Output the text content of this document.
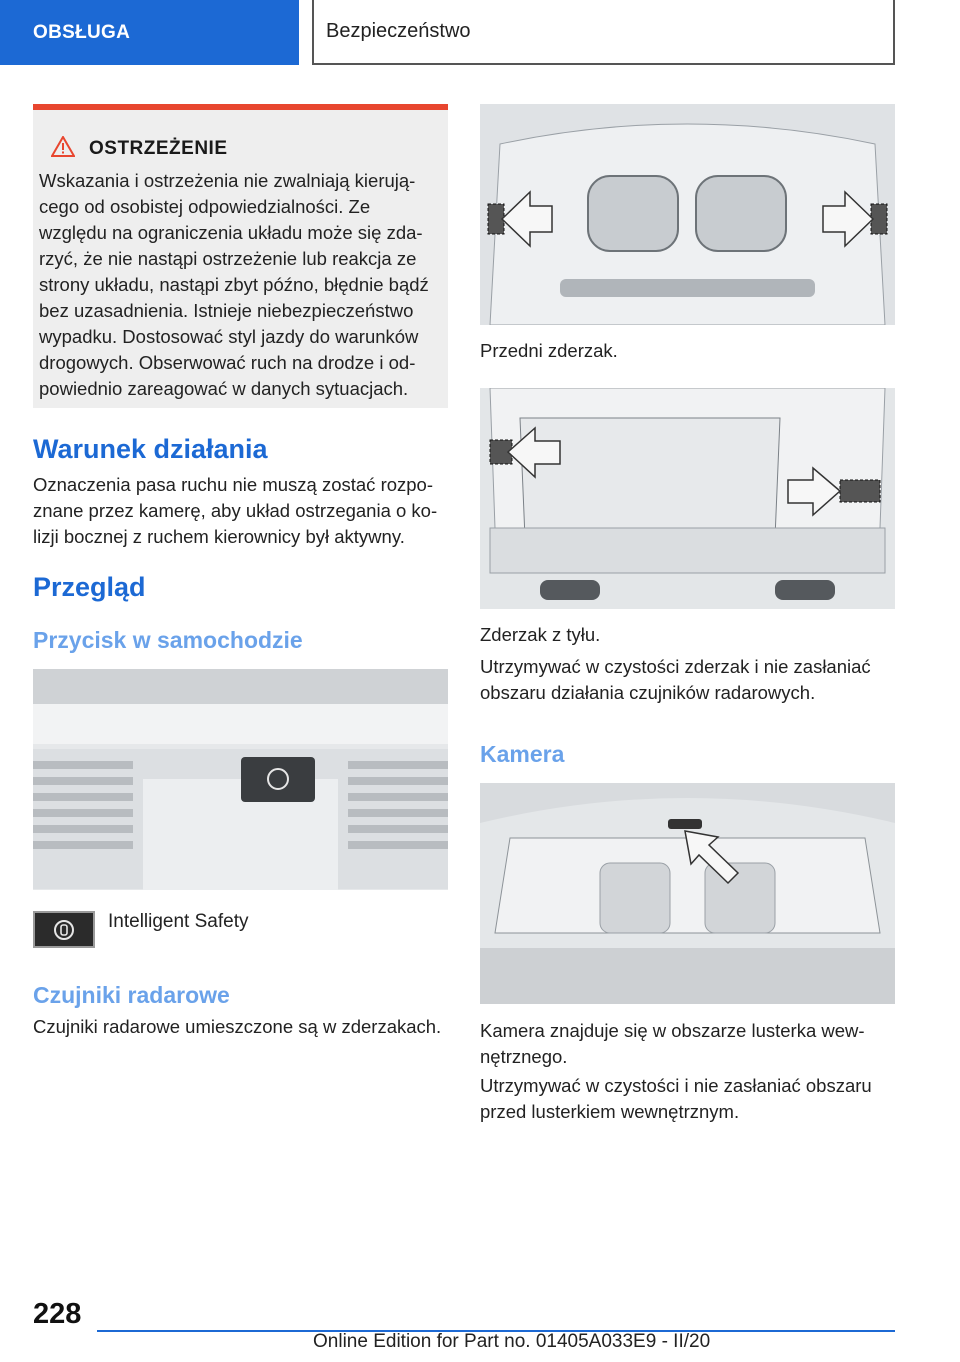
OBSŁUGA	Bezpieczeństwo
OSTRZEŻENIE

Wskazania i ostrzeżenia nie zwalniają kierują-cego od osobistej odpowiedzialności. Ze względu na ograniczenia układu może się zda-rzyć, że nie nastąpi ostrzeżenie lub reakcja ze strony układu, nastąpi zbyt późno, błędnie bądź bez uzasadnienia. Istnieje niebezpieczeństwo wypadku. Dostosować styl jazdy do warunków drogowych. Obserwować ruch na drodze i od-powiednio zareagować w danych sytuacjach.

Warunek działania
Oznaczenia pasa ruchu nie muszą zostać rozpo-znane przez kamerę, aby układ ostrzegania o ko-lizji bocznej z ruchem kierownicy był aktywny.
Przegląd
Przycisk w samochodzie
Intelligent Safety
Czujniki radarowe
Czujniki radarowe umieszczone są w zderzakach.
Przedni zderzak.
Zderzak z tyłu.
Utrzymywać w czystości zderzak i nie zasłaniać obszaru działania czujników radarowych.
Kamera
Kamera znajduje się w obszarze lusterka wew-nętrznego.
Utrzymywać w czystości i nie zasłaniać obszaru przed lusterkiem wewnętrznym.
228
Online Edition for Part no. 01405A033E9 - II/20
